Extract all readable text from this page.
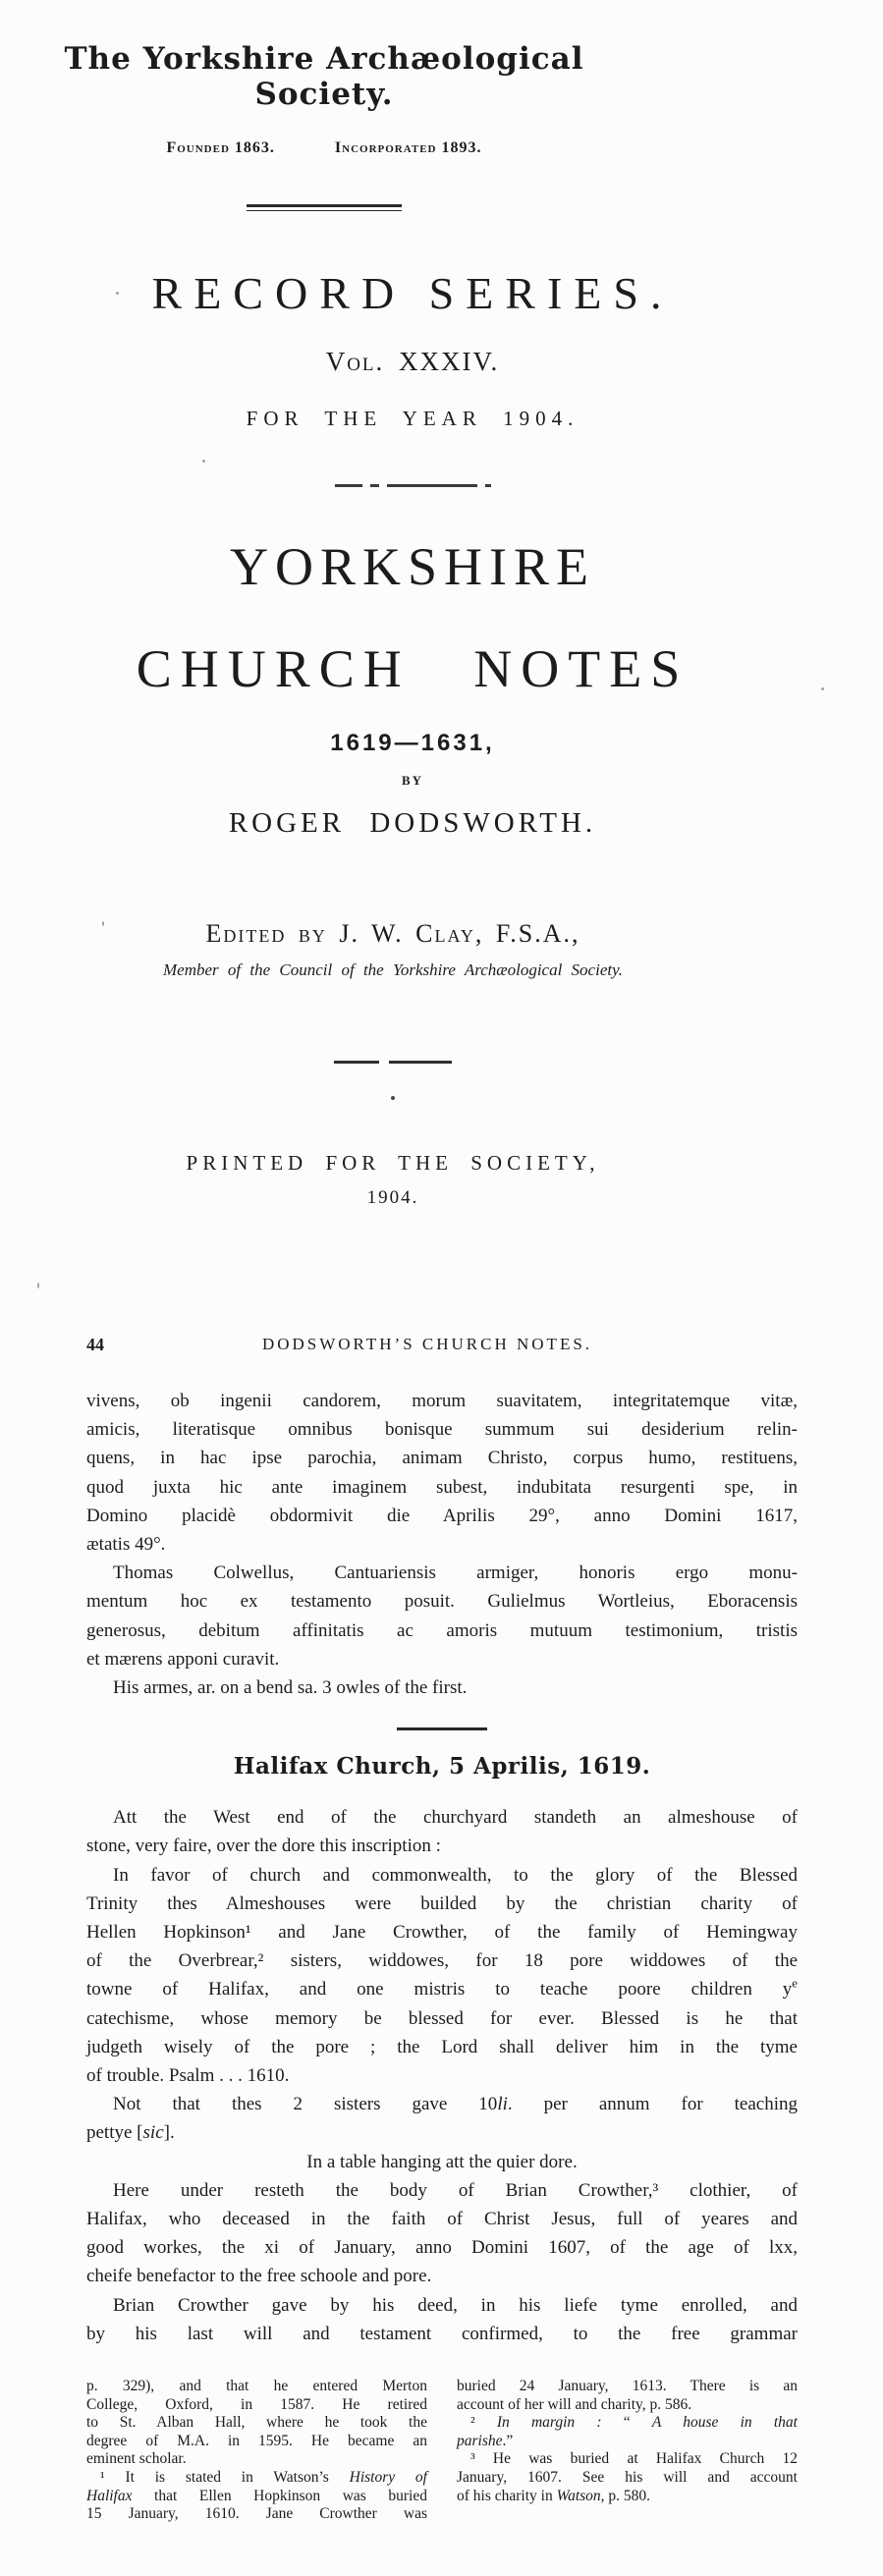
The Yorkshire Archæological Society.
Founded 1863.	Incorporated 1893.
RECORD SERIES.
Vol. XXXIV.
FOR THE YEAR 1904.
YORKSHIRE
CHURCH NOTES
1619—1631,
BY
ROGER DODSWORTH.
Edited by J. W. Clay, F.S.A.,
Member of the Council of the Yorkshire Archæological Society.
PRINTED FOR THE SOCIETY,
1904.
44	DODSWORTH’S CHURCH NOTES.
vivens, ob ingenii candorem, morum suavitatem, integritatemque vitæ,
amicis, literatisque omnibus bonisque summum sui desiderium relin-
quens, in hac ipse parochia, animam Christo, corpus humo, restituens,
quod juxta hic ante imaginem subest, indubitata resurgenti spe, in
Domino placidè obdormivit die Aprilis 29°, anno Domini 1617,
ætatis 49°.
Thomas Colwellus, Cantuariensis armiger, honoris ergo monu-
mentum hoc ex testamento posuit. Gulielmus Wortleius, Eboracensis
generosus, debitum affinitatis ac amoris mutuum testimonium, tristis
et mærens apponi curavit.
His armes, ar. on a bend sa. 3 owles of the first.
Halifax Church, 5 Aprilis, 1619.
Att the West end of the churchyard standeth an almeshouse of
stone, very faire, over the dore this inscription :
In favor of church and commonwealth, to the glory of the Blessed
Trinity thes Almeshouses were builded by the christian charity of
Hellen Hopkinson¹ and Jane Crowther, of the family of Hemingway
of the Overbrear,² sisters, widdowes, for 18 pore widdowes of the
towne of Halifax, and one mistris to teache poore children $y^e$
catechisme, whose memory be blessed for ever. Blessed is he that
judgeth wisely of the pore ; the Lord shall deliver him in the tyme
of trouble. Psalm . . . 1610.
Not that thes 2 sisters gave 10li. per annum for teaching
pettye [sic].
In a table hanging att the quier dore.
Here under resteth the body of Brian Crowther,³ clothier, of
Halifax, who deceased in the faith of Christ Jesus, full of yeares and
good workes, the xi of January, anno Domini 1607, of the age of lxx,
cheife benefactor to the free schoole and pore.
Brian Crowther gave by his deed, in his liefe tyme enrolled, and
by his last will and testament confirmed, to the free grammar
p. 329), and that he entered Merton
College, Oxford, in 1587. He retired
to St. Alban Hall, where he took the
degree of M.A. in 1595. He became an
eminent scholar.
¹ It is stated in Watson’s History of
Halifax that Ellen Hopkinson was buried
15 January, 1610. Jane Crowther was
buried 24 January, 1613. There is an
account of her will and charity, p. 586.
² In margin : “ A house in that
parishe.”
³ He was buried at Halifax Church 12
January, 1607. See his will and account
of his charity in Watson, p. 580.
